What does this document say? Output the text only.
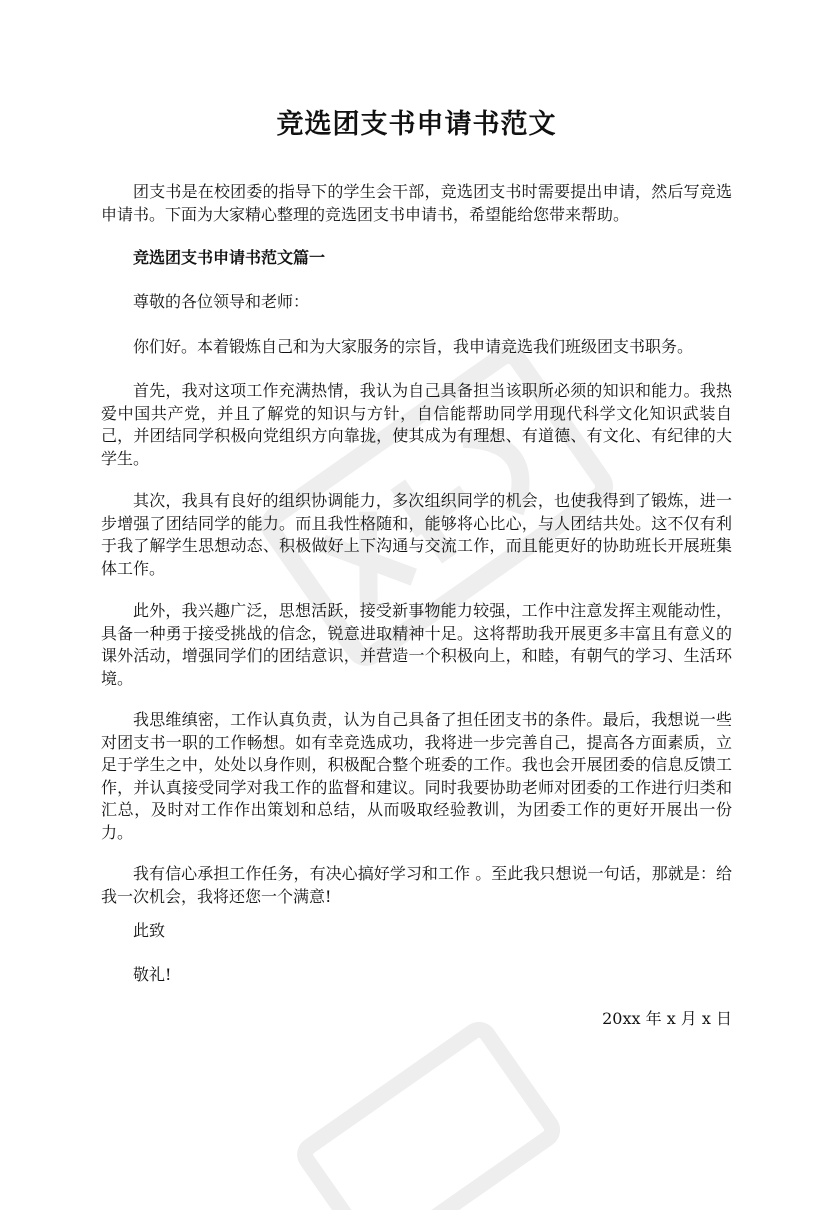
竞选团支书申请书范文

团支书是在校团委的指导下的学生会干部，竞选团支书时需要提出申请，然后写竞选申请书。下面为大家精心整理的竞选团支书申请书，希望能给您带来帮助。

竞选团支书申请书范文篇一

尊敬的各位领导和老师：

你们好。本着锻炼自己和为大家服务的宗旨，我申请竞选我们班级团支书职务。

首先，我对这项工作充满热情，我认为自己具备担当该职所必须的知识和能力。我热爱中国共产党，并且了解党的知识与方针，自信能帮助同学用现代科学文化知识武装自己，并团结同学积极向党组织方向靠拢，使其成为有理想、有道德、有文化、有纪律的大学生。

其次，我具有良好的组织协调能力，多次组织同学的机会，也使我得到了锻炼，进一步增强了团结同学的能力。而且我性格随和，能够将心比心，与人团结共处。这不仅有利于我了解学生思想动态、积极做好上下沟通与交流工作，而且能更好的协助班长开展班集体工作。

此外，我兴趣广泛，思想活跃，接受新事物能力较强，工作中注意发挥主观能动性，具备一种勇于接受挑战的信念，锐意进取精神十足。这将帮助我开展更多丰富且有意义的课外活动，增强同学们的团结意识，并营造一个积极向上，和睦，有朝气的学习、生活环境。

我思维缜密，工作认真负责，认为自己具备了担任团支书的条件。最后，我想说一些对团支书一职的工作畅想。如有幸竞选成功，我将进一步完善自己，提高各方面素质，立足于学生之中，处处以身作则，积极配合整个班委的工作。我也会开展团委的信息反馈工作，并认真接受同学对我工作的监督和建议。同时我要协助老师对团委的工作进行归类和汇总，及时对工作作出策划和总结，从而吸取经验教训，为团委工作的更好开展出一份力。

我有信心承担工作任务，有决心搞好学习和工作 。至此我只想说一句话，那就是：给我一次机会，我将还您一个满意!

此致

敬礼!

20xx 年 x 月 x 日
